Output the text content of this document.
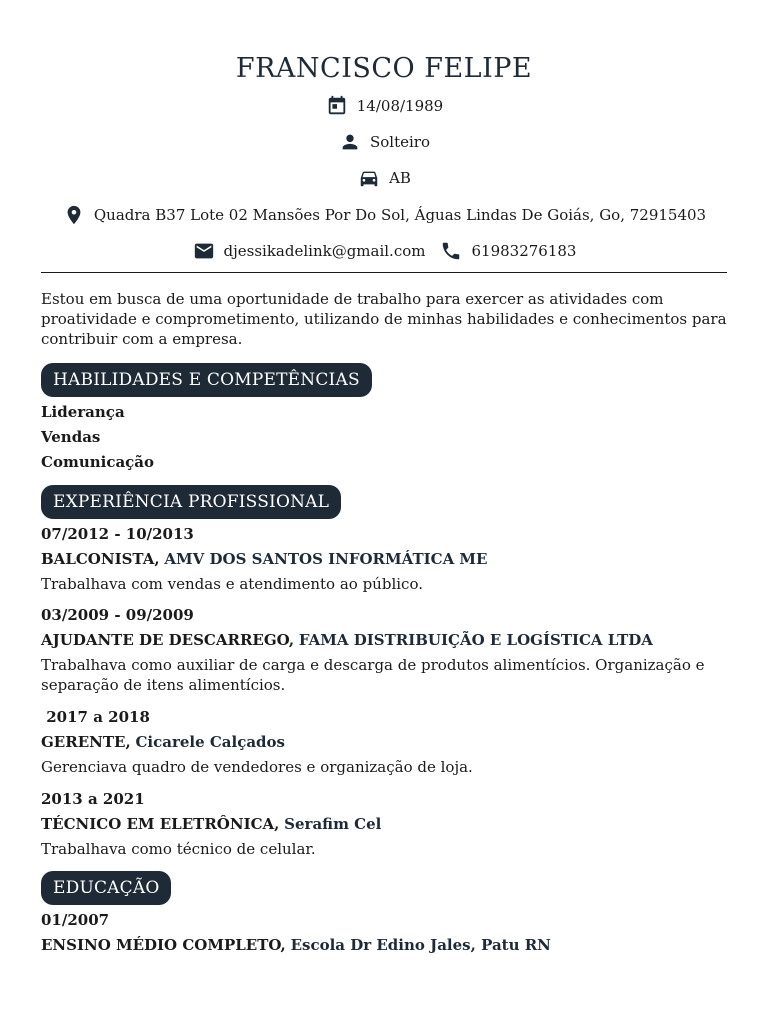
FRANCISCO FELIPE
14/08/1989
Solteiro
AB
Quadra B37 Lote 02 Mansões Por Do Sol, Águas Lindas De Goiás, Go, 72915403
djessikadelink@gmail.com	61983276183
Estou em busca de uma oportunidade de trabalho para exercer as atividades com proatividade e comprometimento, utilizando de minhas habilidades e conhecimentos para contribuir com a empresa.
HABILIDADES E COMPETÊNCIAS
Liderança
Vendas
Comunicação
EXPERIÊNCIA PROFISSIONAL
07/2012 - 10/2013
BALCONISTA, AMV DOS SANTOS INFORMÁTICA ME
Trabalhava com vendas e atendimento ao público.
03/2009 - 09/2009
AJUDANTE DE DESCARREGO, FAMA DISTRIBUIÇÃO E LOGÍSTICA LTDA
Trabalhava como auxiliar de carga e descarga de produtos alimentícios. Organização e separação de itens alimentícios.
2017 a 2018
GERENTE, Cicarele Calçados
Gerenciava quadro de vendedores e organização de loja.
2013 a 2021
TÉCNICO EM ELETRÔNICA, Serafim Cel
Trabalhava como técnico de celular.
EDUCAÇÃO
01/2007
ENSINO MÉDIO COMPLETO, Escola Dr Edino Jales, Patu RN
